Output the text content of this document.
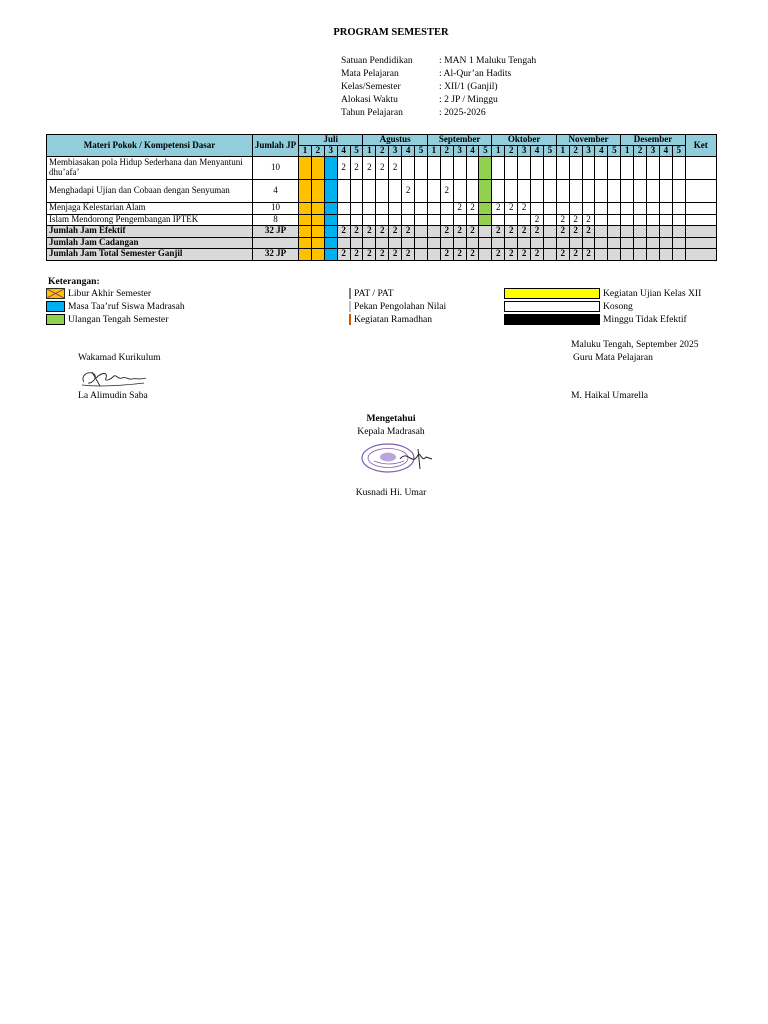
PROGRAM SEMESTER
Satuan Pendidikan	: MAN 1 Maluku Tengah
Mata Pelajaran	: Al-Qur’an Hadits
Kelas/Semester	: XII/1 (Ganjil)
Alokasi Waktu	: 2 JP / Minggu
Tahun Pelajaran	: 2025-2026
Materi Pokok / Kompetensi Dasar	Jumlah JP	Juli					Agustus					September					Oktober					November					Desember					Ket
		1	2	3	4	5	1	2	3	4	5	1	2	3	4	5	1	2	3	4	5	1	2	3	4	5	1	2	3	4	5	
Membiasakan pola Hidup Sederhana dan Menyantuni dhu’afa’	10				2	2	2	2	2																							
Menghadapi Ujian dan Cobaan dengan Senyuman	4									2			2																			
Menjaga Kelestarian Alam	10													2	2		2	2	2													
Islam Mendorong Pengembangan IPTEK	8																			2		2	2	2								
Jumlah Jam Efektif	32 JP				2	2	2	2	2	2			2	2	2		2	2	2	2		2	2	2								
Jumlah Jam Cadangan																																
Jumlah Jam Total Semester Ganjil	32 JP				2	2	2	2	2	2			2	2	2		2	2	2	2		2	2	2								
Keterangan:
Libur Akhir Semester
Masa Taa’ruf Siswa Madrasah
Ulangan Tengah Semester
PAT / PAT
Pekan Pengolahan Nilai
Kegiatan Ramadhan
Kegiatan Ujian Kelas XII
Kosong
Minggu Tidak Efektif
Maluku Tengah, September 2025
Wakamad Kurikulum	Guru Mata Pelajaran
La Alimudin Saba	M. Haikal Umarella
Mengetahui
Kepala Madrasah
Kusnadi Hi. Umar
